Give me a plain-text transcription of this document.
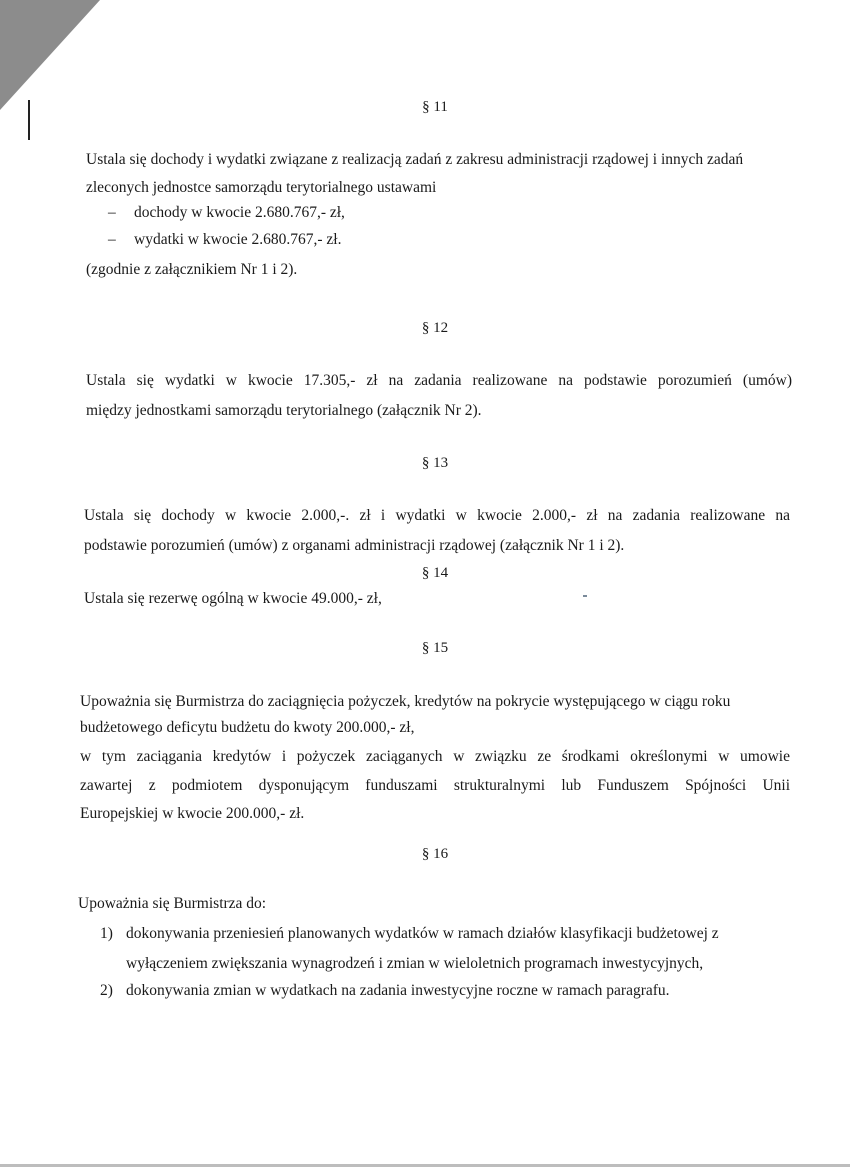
§ 11
Ustala się dochody i wydatki związane z realizacją zadań z zakresu administracji rządowej i innych zadań
zleconych jednostce samorządu terytorialnego ustawami
– dochody w kwocie 2.680.767,- zł,
– wydatki w kwocie 2.680.767,- zł.
(zgodnie z załącznikiem Nr 1 i 2).
§ 12
Ustala się wydatki w kwocie 17.305,- zł na zadania realizowane na podstawie porozumień (umów)
między jednostkami samorządu terytorialnego (załącznik Nr 2).
§ 13
Ustala się dochody w kwocie 2.000,-. zł i wydatki w kwocie 2.000,- zł na zadania realizowane na
podstawie porozumień (umów) z organami administracji rządowej (załącznik Nr 1 i 2).
§ 14
Ustala się rezerwę ogólną w kwocie 49.000,- zł,
§ 15
Upoważnia się Burmistrza do zaciągnięcia pożyczek, kredytów na pokrycie występującego w ciągu roku
budżetowego deficytu budżetu do kwoty 200.000,- zł,
w tym zaciągania kredytów i pożyczek zaciąganych w związku ze środkami określonymi w umowie
zawartej z podmiotem dysponującym funduszami strukturalnymi lub Funduszem Spójności Unii
Europejskiej w kwocie 200.000,- zł.
§ 16
Upoważnia się Burmistrza do:
1) dokonywania przeniesień planowanych wydatków w ramach działów klasyfikacji budżetowej z
wyłączeniem zwiększania wynagrodzeń i zmian w wieloletnich programach inwestycyjnych,
2) dokonywania zmian w wydatkach na zadania inwestycyjne roczne w ramach paragrafu.
